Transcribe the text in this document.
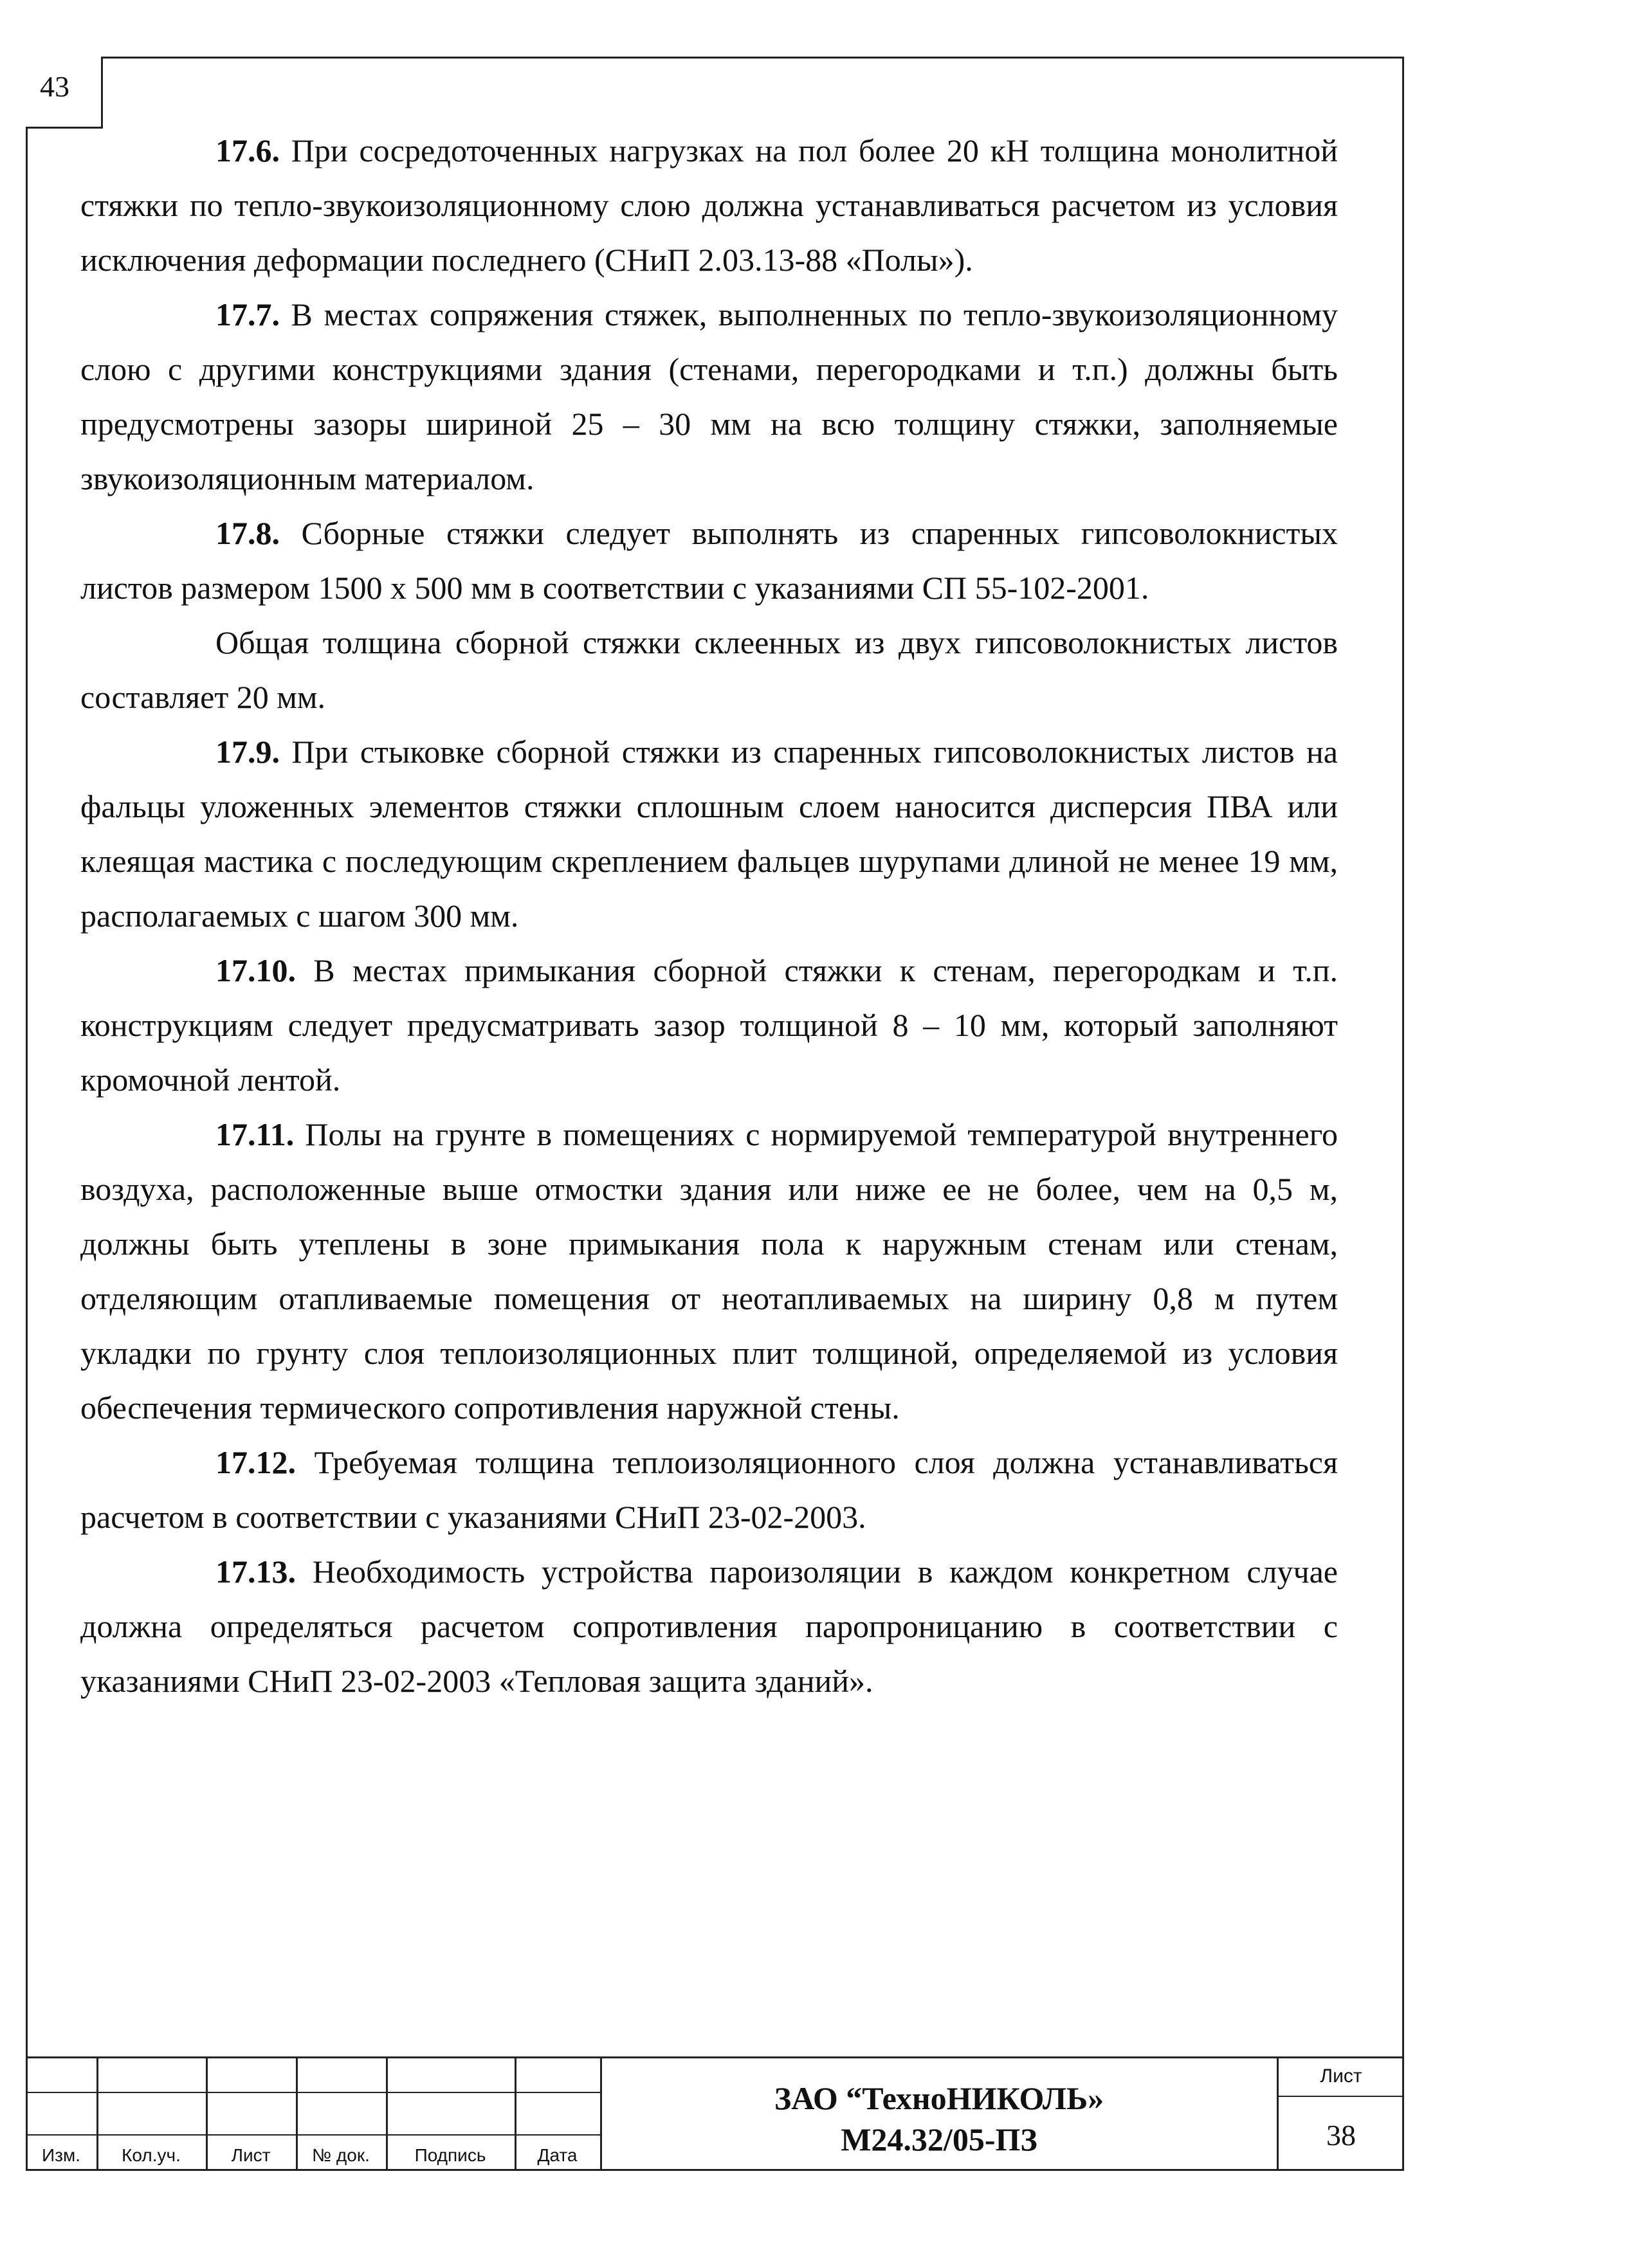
43

17.6. При сосредоточенных нагрузках на пол более 20 кН толщина монолитной стяжки по тепло-звукоизоляционному слою должна устанавливаться расчетом из условия исключения деформации последнего (СНиП 2.03.13-88 «Полы»).

17.7. В местах сопряжения стяжек, выполненных по тепло-звукоизоляционному слою с другими конструкциями здания (стенами, перегородками и т.п.) должны быть предусмотрены зазоры шириной 25 – 30 мм на всю толщину стяжки, заполняемые звукоизоляционным материалом.

17.8. Сборные стяжки следует выполнять из спаренных гипсоволокнистых листов размером 1500 х 500 мм в соответствии с указаниями СП 55-102-2001.

Общая толщина сборной стяжки склеенных из двух гипсоволокнистых листов составляет 20 мм.

17.9. При стыковке сборной стяжки из спаренных гипсоволокнистых листов на фальцы уложенных элементов стяжки сплошным слоем наносится дисперсия ПВА или клеящая мастика с последующим скреплением фальцев шурупами длиной не менее 19 мм, располагаемых с шагом 300 мм.

17.10. В местах примыкания сборной стяжки к стенам, перегородкам и т.п. конструкциям следует предусматривать зазор толщиной 8 – 10 мм, который заполняют кромочной лентой.

17.11. Полы на грунте в помещениях с нормируемой температурой внутреннего воздуха, расположенные выше отмостки здания или ниже ее не более, чем на 0,5 м, должны быть утеплены в зоне примыкания пола к наружным стенам или стенам, отделяющим отапливаемые помещения от неотапливаемых на ширину 0,8 м путем укладки по грунту слоя теплоизоляционных плит толщиной, определяемой из условия обеспечения термического сопротивления наружной стены.

17.12. Требуемая толщина теплоизоляционного слоя должна устанавливаться расчетом в соответствии с указаниями СНиП 23-02-2003.

17.13. Необходимость устройства пароизоляции в каждом конкретном случае должна определяться расчетом сопротивления паропроницанию в соответствии с указаниями СНиП 23-02-2003 «Тепловая защита зданий».

Изм.	Кол.уч.	Лист	№ док.	Подпись	Дата
ЗАО “ТехноНИКОЛЬ»
М24.32/05-ПЗ
Лист
38
